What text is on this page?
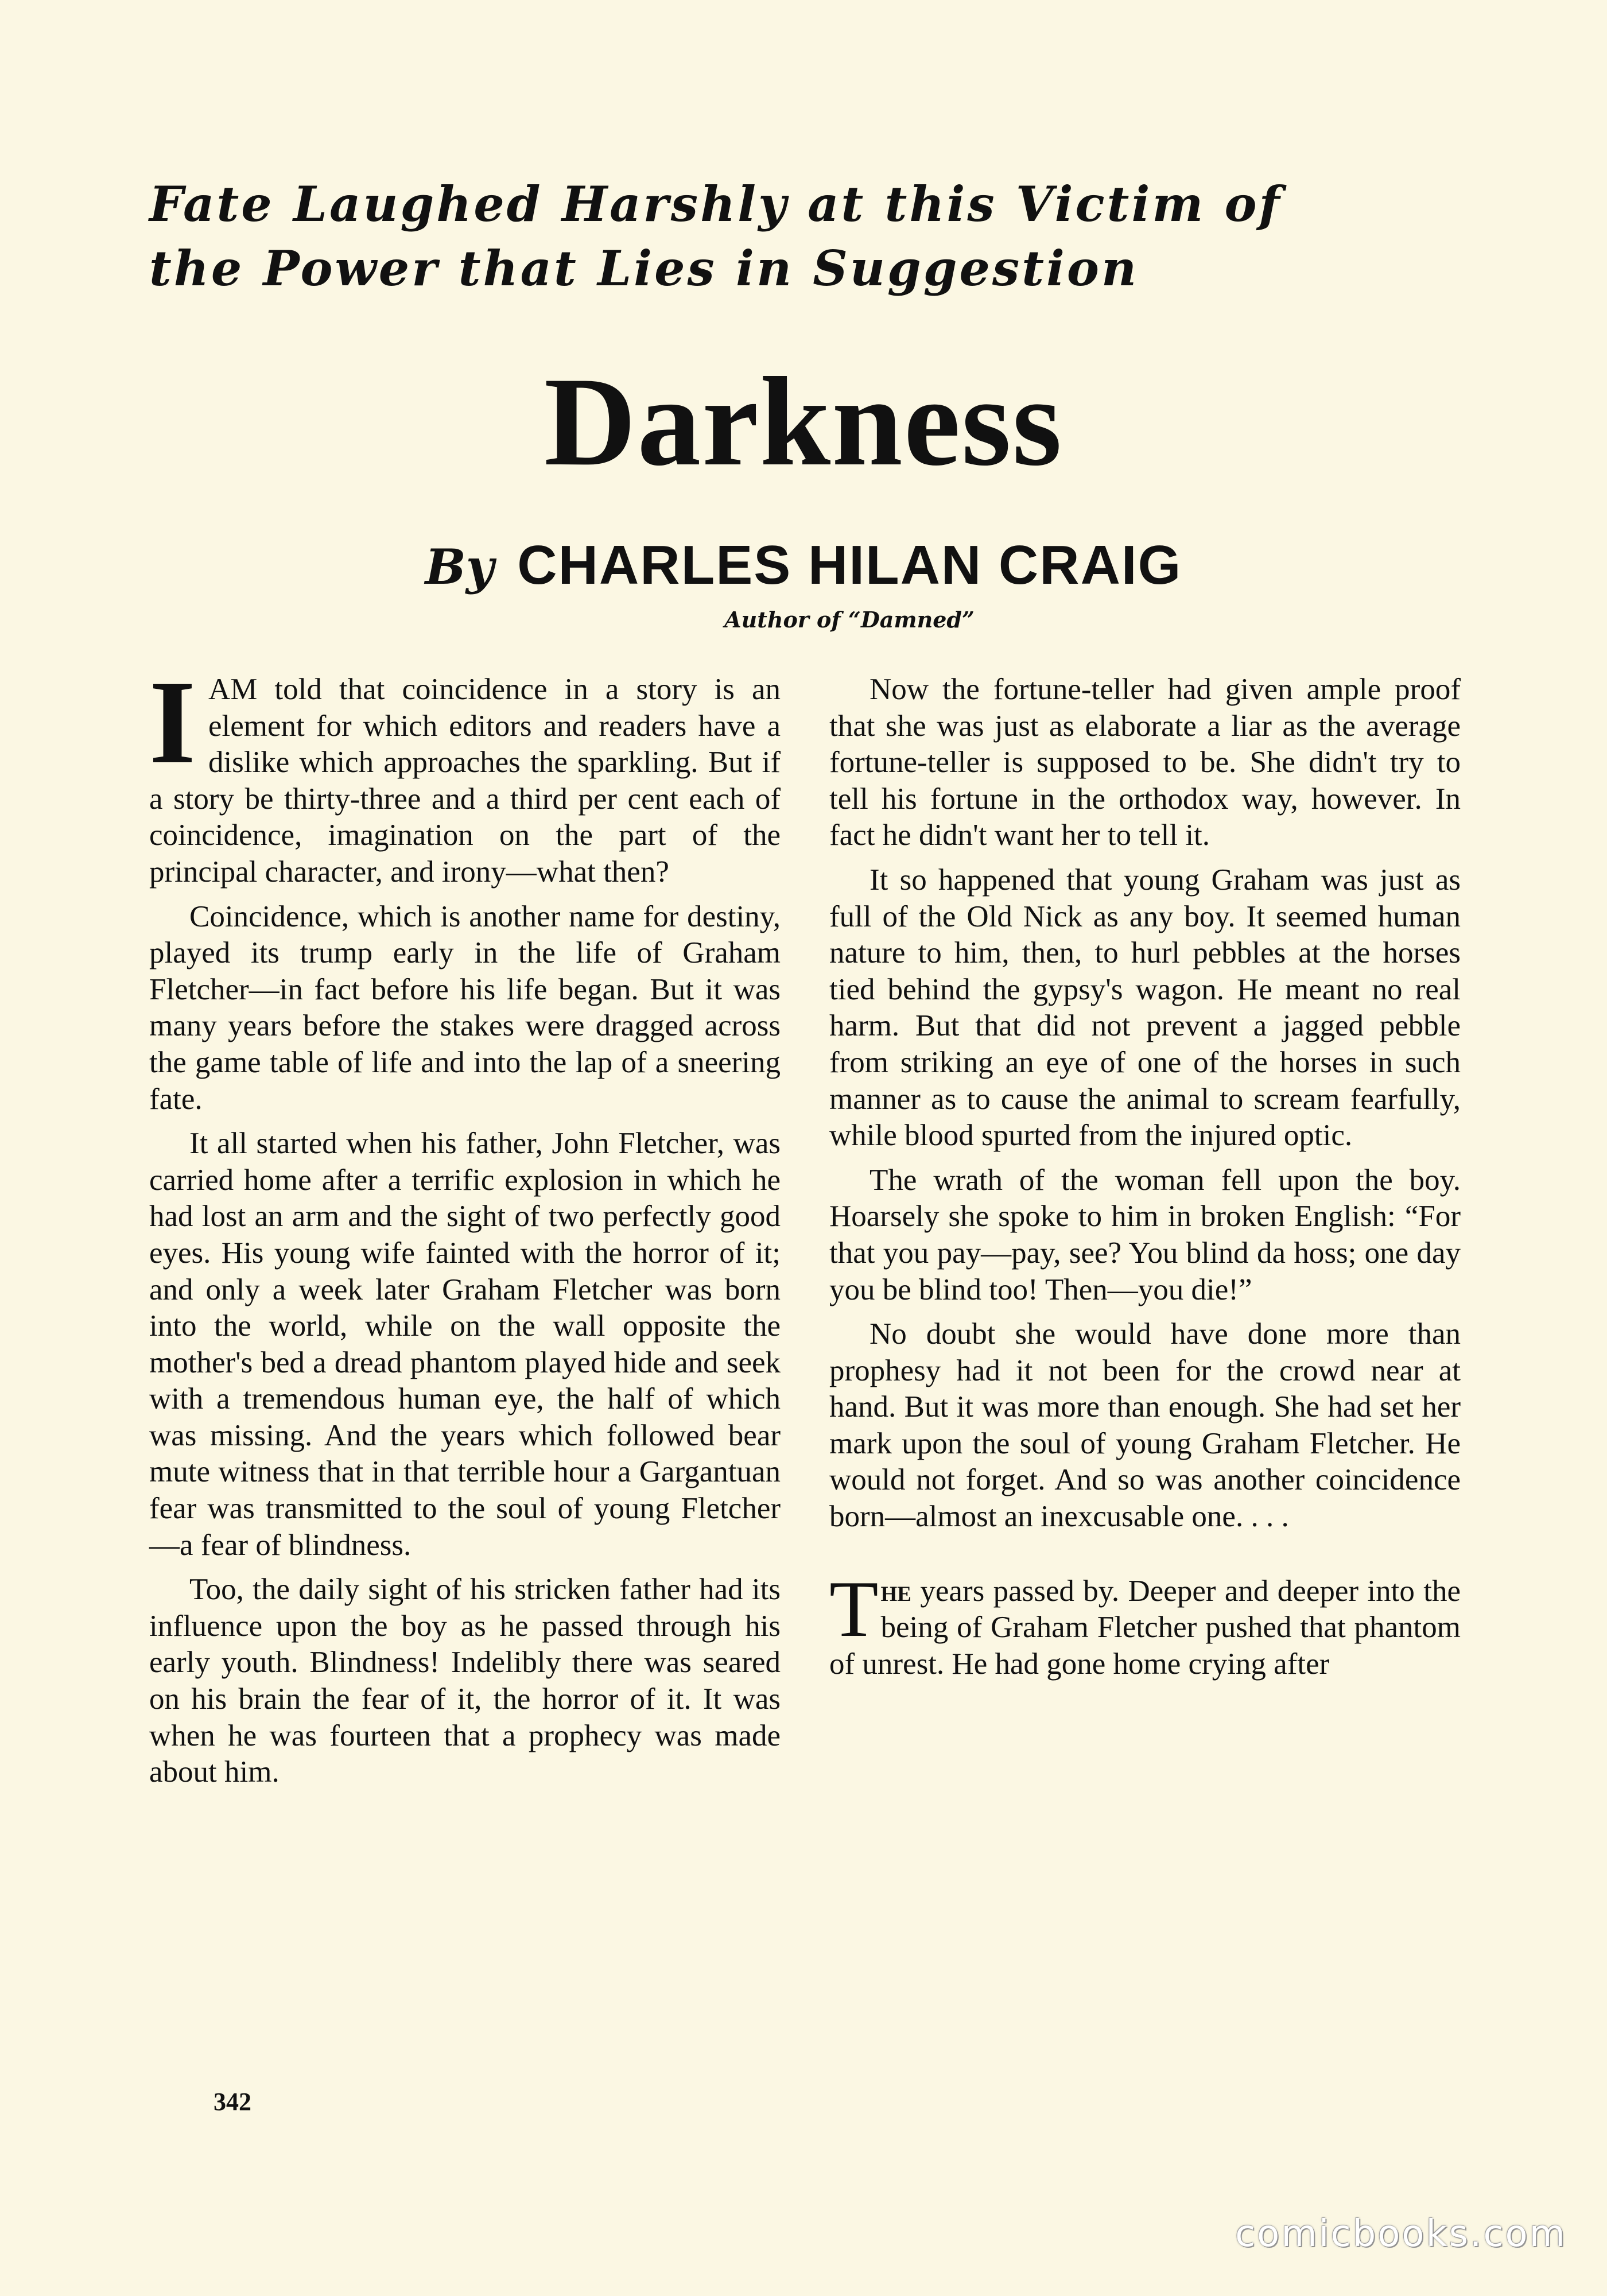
Fate Laughed Harshly at this Victim of
the Power that Lies in Suggestion
Darkness
By CHARLES HILAN CRAIG
Author of “Damned”

IAM told that coincidence in a story is an element for which editors and readers have a dislike which approaches the sparkling. But if a story be thirty-three and a third per cent each of coincidence, imagination on the part of the principal character, and irony—what then?

Coincidence, which is another name for destiny, played its trump early in the life of Graham Fletcher—in fact before his life began. But it was many years before the stakes were dragged across the game table of life and into the lap of a sneering fate.

It all started when his father, John Fletcher, was carried home after a terrific explosion in which he had lost an arm and the sight of two perfectly good eyes. His young wife fainted with the horror of it; and only a week later Graham Fletcher was born into the world, while on the wall opposite the mother's bed a dread phantom played hide and seek with a tremendous human eye, the half of which was missing. And the years which followed bear mute witness that in that terrible hour a Gargantuan fear was transmitted to the soul of young Fletcher—a fear of blindness.

Too, the daily sight of his stricken father had its influence upon the boy as he passed through his early youth. Blindness! Indelibly there was seared on his brain the fear of it, the horror of it. It was when he was fourteen that a prophecy was made about him.

Now the fortune-teller had given ample proof that she was just as elaborate a liar as the average fortune-teller is supposed to be. She didn't try to tell his fortune in the orthodox way, however. In fact he didn't want her to tell it.

It so happened that young Graham was just as full of the Old Nick as any boy. It seemed human nature to him, then, to hurl pebbles at the horses tied behind the gypsy's wagon. He meant no real harm. But that did not prevent a jagged pebble from striking an eye of one of the horses in such manner as to cause the animal to scream fearfully, while blood spurted from the injured optic.

The wrath of the woman fell upon the boy. Hoarsely she spoke to him in broken English: “For that you pay—pay, see? You blind da hoss; one day you be blind too! Then—you die!”

No doubt she would have done more than prophesy had it not been for the crowd near at hand. But it was more than enough. She had set her mark upon the soul of young Graham Fletcher. He would not forget. And so was another coincidence born—almost an inexcusable one. . . .

The years passed by. Deeper and deeper into the being of Graham Fletcher pushed that phantom of unrest. He had gone home crying after

342
comicbooks.com
